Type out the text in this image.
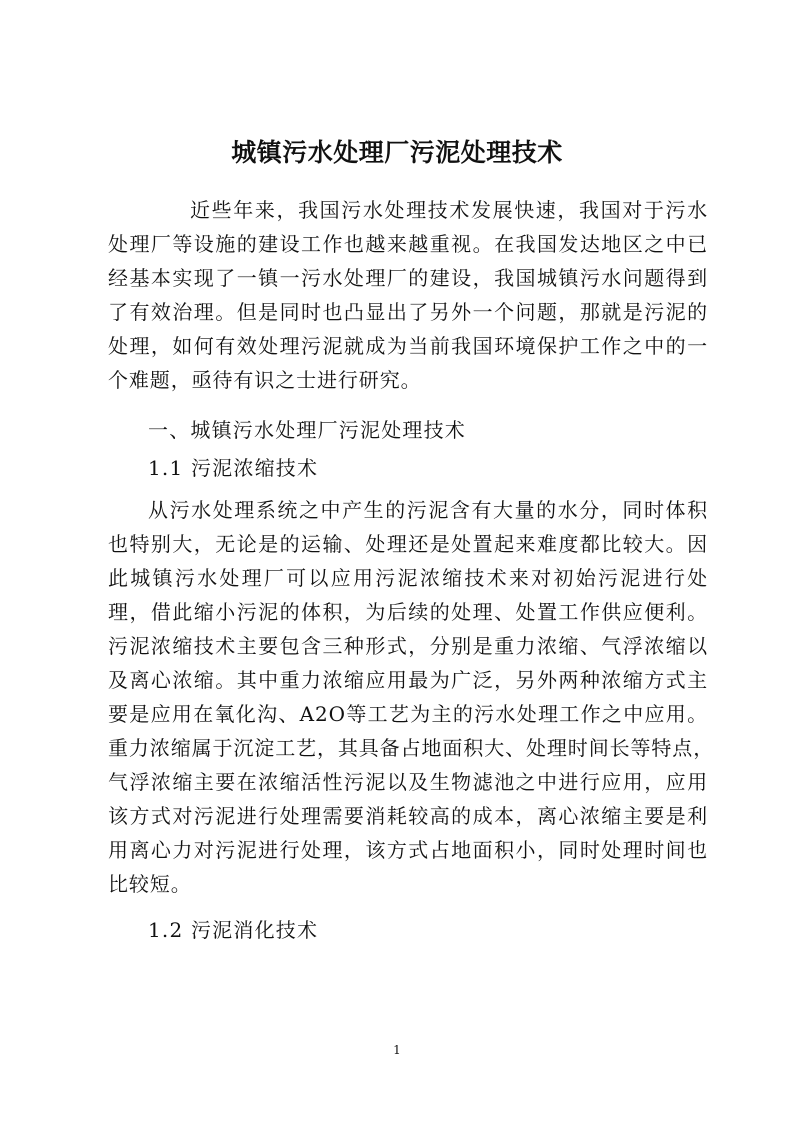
城镇污水处理厂污泥处理技术
近些年来，我国污水处理技术发展快速，我国对于污水
处理厂等设施的建设工作也越来越重视。在我国发达地区之中已
经基本实现了一镇一污水处理厂的建设，我国城镇污水问题得到
了有效治理。但是同时也凸显出了另外一个问题，那就是污泥的
处理，如何有效处理污泥就成为当前我国环境保护工作之中的一
个难题，亟待有识之士进行研究。
一、城镇污水处理厂污泥处理技术
1.1 污泥浓缩技术
从污水处理系统之中产生的污泥含有大量的水分，同时体积
也特别大，无论是的运输、处理还是处置起来难度都比较大。因
此城镇污水处理厂可以应用污泥浓缩技术来对初始污泥进行处
理，借此缩小污泥的体积，为后续的处理、处置工作供应便利。
污泥浓缩技术主要包含三种形式，分别是重力浓缩、气浮浓缩以
及离心浓缩。其中重力浓缩应用最为广泛，另外两种浓缩方式主
要是应用在氧化沟、A2O等工艺为主的污水处理工作之中应用。
重力浓缩属于沉淀工艺，其具备占地面积大、处理时间长等特点，
气浮浓缩主要在浓缩活性污泥以及生物滤池之中进行应用，应用
该方式对污泥进行处理需要消耗较高的成本，离心浓缩主要是利
用离心力对污泥进行处理，该方式占地面积小，同时处理时间也
比较短。
1.2 污泥消化技术
1
